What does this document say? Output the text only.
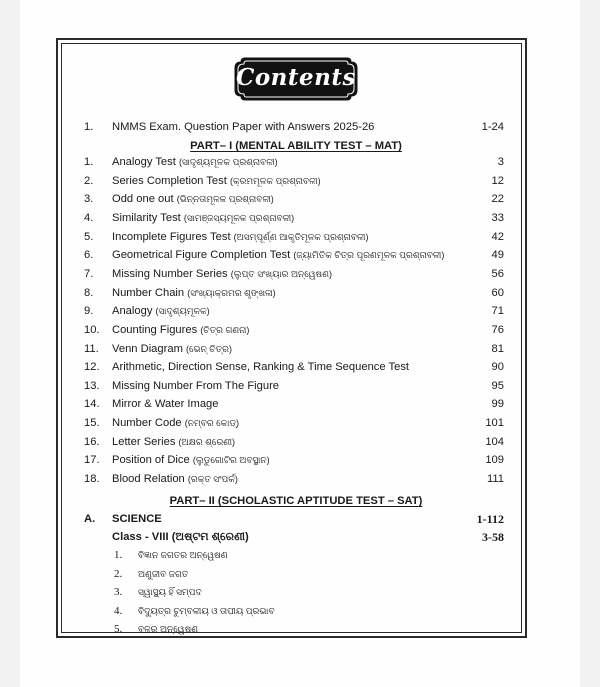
Contents
1.	NMMS Exam. Question Paper with Answers 2025-26	1-24
PART– I (MENTAL ABILITY TEST – MAT)
1.	Analogy Test (ସାଦୃଶ୍ୟମୂଳକ ପ୍ରଶ୍ନାବଳୀ)	3
2.	Series Completion Test (କ୍ରମମୂଳକ ପ୍ରଶ୍ନାବଳୀ)	12
3.	Odd one out (ଭିନ୍ନତାମୂଳକ ପ୍ରଶ୍ନାବଳୀ)	22
4.	Similarity Test (ସାମଞ୍ଜସ୍ୟମୂଳକ ପ୍ରଶ୍ନାବଳୀ)	33
5.	Incomplete Figures Test (ଅସମ୍ପୂର୍ଣ୍ଣ ଆକୃତିମୂଳକ ପ୍ରଶ୍ନାବଳୀ)	42
6.	Geometrical Figure Completion Test (ଜ୍ୟାମିତିକ ଚିତ୍ର ପୂରଣମୂଳକ ପ୍ରଶ୍ନାବଳୀ)	49
7.	Missing Number Series (ଲୁପ୍ତ ସଂଖ୍ୟାର ଅନ୍ୱେଷଣ)	56
8.	Number Chain (ସଂଖ୍ୟାକ୍ରମର ଶୃଙ୍ଖଳା)	60
9.	Analogy (ସାଦୃଶ୍ୟମୂଳକ)	71
10.	Counting Figures (ଚିତ୍ର ଗଣନା)	76
11.	Venn Diagram (ଭେନ୍ ଚିତ୍ର)	81
12.	Arithmetic, Direction Sense, Ranking & Time Sequence Test	90
13.	Missing Number From The Figure	95
14.	Mirror & Water Image	99
15.	Number Code (ନମ୍ବର କୋଡ୍)	101
16.	Letter Series (ଅକ୍ଷର ଶ୍ରେଣୀ)	104
17.	Position of Dice (ଲୁଡୁଗୋଟିର ଅବସ୍ଥାନ)	109
18.	Blood Relation (ରକ୍ତ ସଂପର୍କ)	111
PART– II (SCHOLASTIC APTITUDE TEST – SAT)
A.	SCIENCE	1-112
Class - VIII (ଅଷ୍ଟମ ଶ୍ରେଣୀ)	3-58
1. ବିଜ୍ଞାନ ଜଗତର ଅନ୍ୱେଷଣ
2. ଅଣୁଜୀବ ଜଗତ
3. ସ୍ୱାସ୍ଥ୍ୟ ହିଁ ସମ୍ପଦ
4. ବିଦ୍ୟୁତ୍‌ର ଚୁମ୍ବକୀୟ ଓ ତାପୀୟ ପ୍ରଭାବ
5. ବଳର ଅନ୍ୱେଷଣ
